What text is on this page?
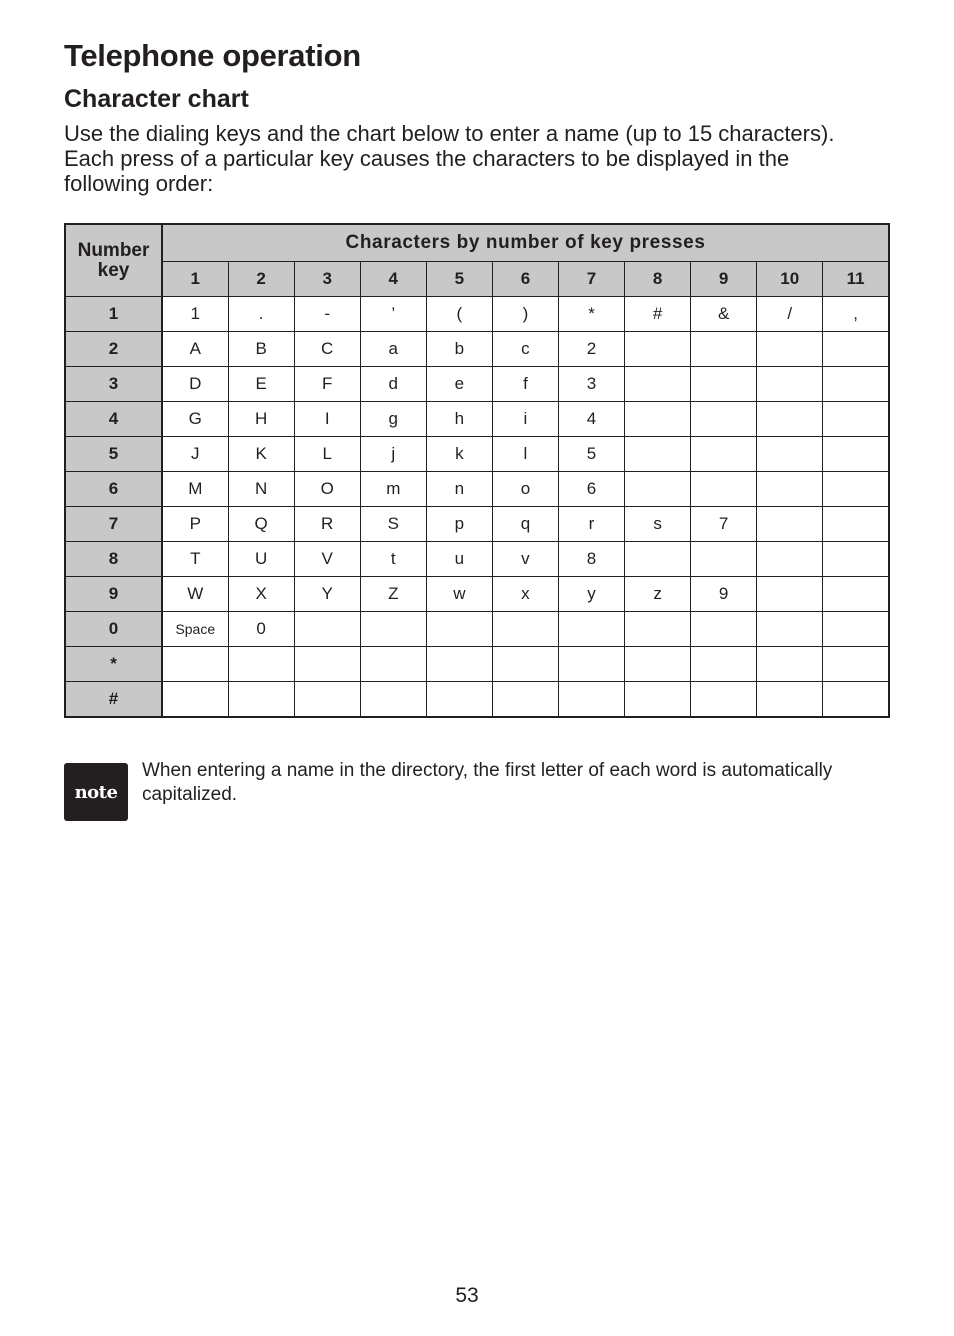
Telephone operation
Character chart

Use the dialing keys and the chart below to enter a name (up to 15 characters). Each press of a particular key causes the characters to be displayed in the following order:

Number key	Characters by number of key presses										
	1	2	3	4	5	6	7	8	9	10	11
1	1	.	-	’	(	)	*	#	&	/	,
2	A	B	C	a	b	c	2				
3	D	E	F	d	e	f	3				
4	G	H	I	g	h	i	4				
5	J	K	L	j	k	l	5				
6	M	N	O	m	n	o	6				
7	P	Q	R	S	p	q	r	s	7		
8	T	U	V	t	u	v	8				
9	W	X	Y	Z	w	x	y	z	9		
0	Space	0									
*											
#											
note

When entering a name in the directory, the first letter of each word is automatically capitalized.

53
